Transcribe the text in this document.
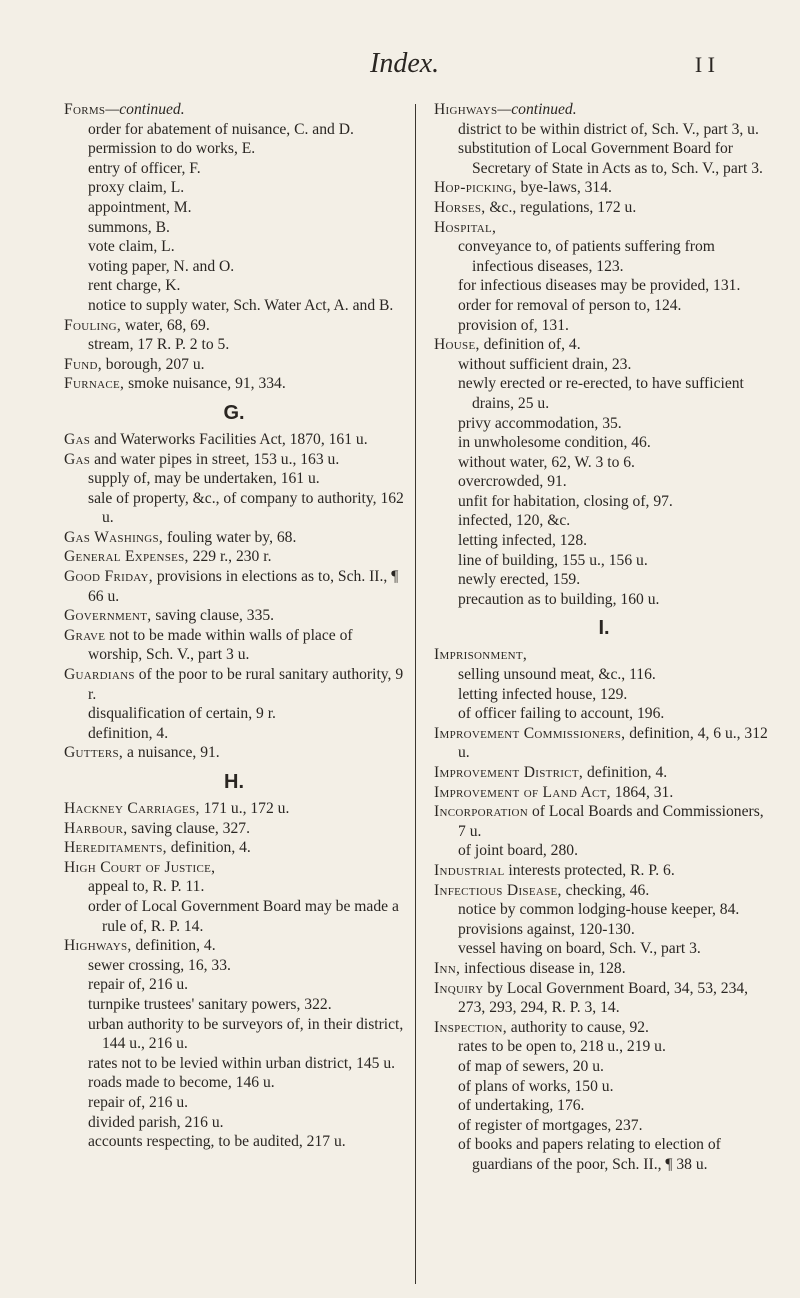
Index.	I I

Forms—continued.

order for abatement of nuisance, C. and D.

permission to do works, E.

entry of officer, F.

proxy claim, L.

appointment, M.

summons, B.

vote claim, L.

voting paper, N. and O.

rent charge, K.

notice to supply water, Sch. Water Act, A. and B.

Fouling, water, 68, 69.

stream, 17 R. P. 2 to 5.

Fund, borough, 207 u.

Furnace, smoke nuisance, 91, 334.

G.

Gas and Waterworks Facilities Act, 1870, 161 u.

Gas and water pipes in street, 153 u., 163 u.

supply of, may be undertaken, 161 u.

sale of property, &c., of company to authority, 162 u.

Gas Washings, fouling water by, 68.

General Expenses, 229 r., 230 r.

Good Friday, provisions in elections as to, Sch. II., ¶ 66 u.

Government, saving clause, 335.

Grave not to be made within walls of place of worship, Sch. V., part 3 u.

Guardians of the poor to be rural sanitary authority, 9 r.

disqualification of certain, 9 r.

definition, 4.

Gutters, a nuisance, 91.

H.

Hackney Carriages, 171 u., 172 u.

Harbour, saving clause, 327.

Hereditaments, definition, 4.

High Court of Justice,

appeal to, R. P. 11.

order of Local Government Board may be made a rule of, R. P. 14.

Highways, definition, 4.

sewer crossing, 16, 33.

repair of, 216 u.

turnpike trustees' sanitary powers, 322.

urban authority to be surveyors of, in their district, 144 u., 216 u.

rates not to be levied within urban district, 145 u.

roads made to become, 146 u.

repair of, 216 u.

divided parish, 216 u.

accounts respecting, to be audited, 217 u.

Highways—continued.

district to be within district of, Sch. V., part 3, u.

substitution of Local Government Board for Secretary of State in Acts as to, Sch. V., part 3.

Hop-picking, bye-laws, 314.

Horses, &c., regulations, 172 u.

Hospital,

conveyance to, of patients suffering from infectious diseases, 123.

for infectious diseases may be provided, 131.

order for removal of person to, 124.

provision of, 131.

House, definition of, 4.

without sufficient drain, 23.

newly erected or re-erected, to have sufficient drains, 25 u.

privy accommodation, 35.

in unwholesome condition, 46.

without water, 62, W. 3 to 6.

overcrowded, 91.

unfit for habitation, closing of, 97.

infected, 120, &c.

letting infected, 128.

line of building, 155 u., 156 u.

newly erected, 159.

precaution as to building, 160 u.

I.

Imprisonment,

selling unsound meat, &c., 116.

letting infected house, 129.

of officer failing to account, 196.

Improvement Commissioners, definition, 4, 6 u., 312 u.

Improvement District, definition, 4.

Improvement of Land Act, 1864, 31.

Incorporation of Local Boards and Commissioners, 7 u.

of joint board, 280.

Industrial interests protected, R. P. 6.

Infectious Disease, checking, 46.

notice by common lodging-house keeper, 84.

provisions against, 120-130.

vessel having on board, Sch. V., part 3.

Inn, infectious disease in, 128.

Inquiry by Local Government Board, 34, 53, 234, 273, 293, 294, R. P. 3, 14.

Inspection, authority to cause, 92.

rates to be open to, 218 u., 219 u.

of map of sewers, 20 u.

of plans of works, 150 u.

of undertaking, 176.

of register of mortgages, 237.

of books and papers relating to election of guardians of the poor, Sch. II., ¶ 38 u.
